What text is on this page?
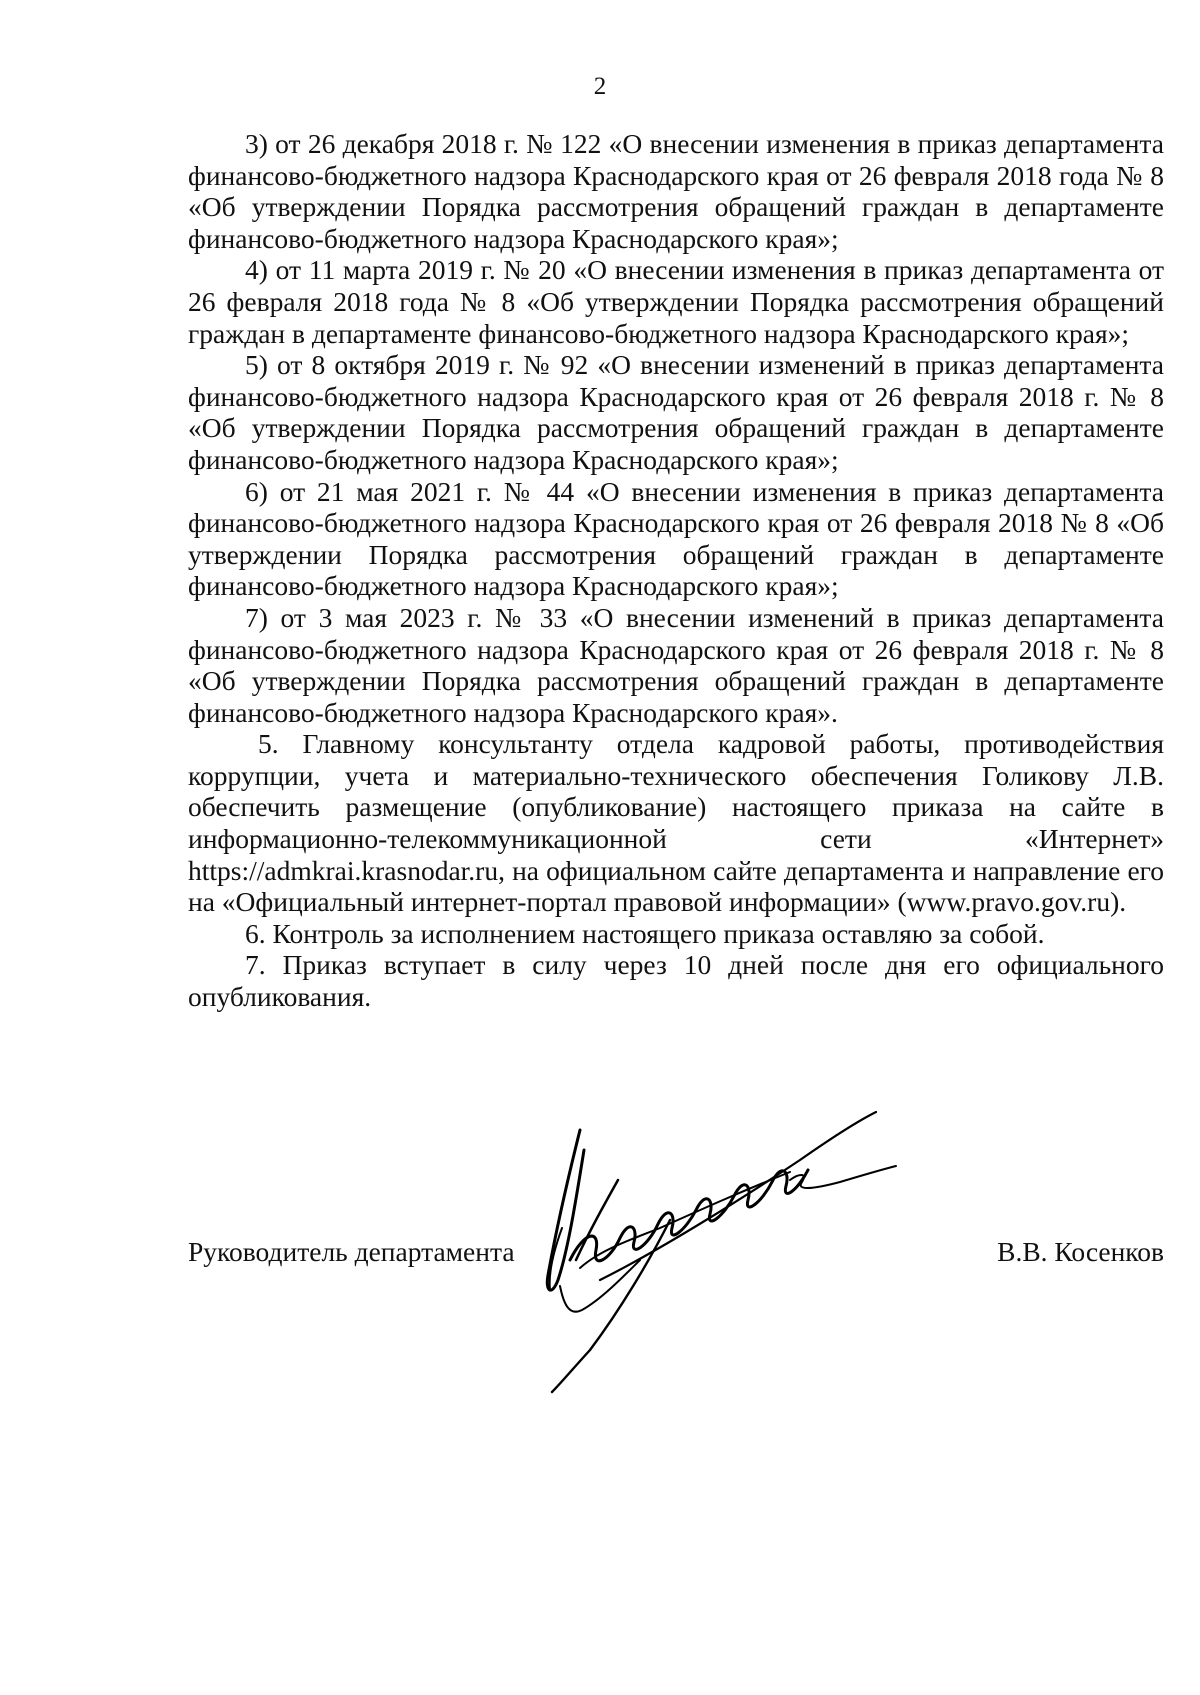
2

3) от 26 декабря 2018 г. № 122 «О внесении изменения в приказ департамента финансово-бюджетного надзора Краснодарского края от 26 февраля 2018 года № 8 «Об утверждении Порядка рассмотрения обращений граждан в департаменте финансово-бюджетного надзора Краснодарского края»;

4) от 11 марта 2019 г. № 20 «О внесении изменения в приказ департамента от 26 февраля 2018 года № 8 «Об утверждении Порядка рассмотрения обращений граждан в департаменте финансово-бюджетного надзора Краснодарского края»;

5) от 8 октября 2019 г. № 92 «О внесении изменений в приказ департамента финансово-бюджетного надзора Краснодарского края от 26 февраля 2018 г. № 8 «Об утверждении Порядка рассмотрения обращений граждан в департаменте финансово-бюджетного надзора Краснодарского края»;

6) от 21 мая 2021 г. № 44 «О внесении изменения в приказ департамента финансово-бюджетного надзора Краснодарского края от 26 февраля 2018 № 8 «Об утверждении Порядка рассмотрения обращений граждан в департаменте финансово-бюджетного надзора Краснодарского края»;

7) от 3 мая 2023 г. № 33 «О внесении изменений в приказ департамента финансово-бюджетного надзора Краснодарского края от 26 февраля 2018 г. № 8 «Об утверждении Порядка рассмотрения обращений граждан в департаменте финансово-бюджетного надзора Краснодарского края».

5. Главному консультанту отдела кадровой работы, противодействия коррупции, учета и материально-технического обеспечения Голикову Л.В. обеспечить размещение (опубликование) настоящего приказа на сайте в информационно-телекоммуникационной сети «Интернет» https://admkrai.krasnodar.ru, на официальном сайте департамента и направление его на «Официальный интернет-портал правовой информации» (www.pravo.gov.ru).

6. Контроль за исполнением настоящего приказа оставляю за собой.

7. Приказ вступает в силу через 10 дней после дня его официального опубликования.

Руководитель департамента	В.В. Косенков
